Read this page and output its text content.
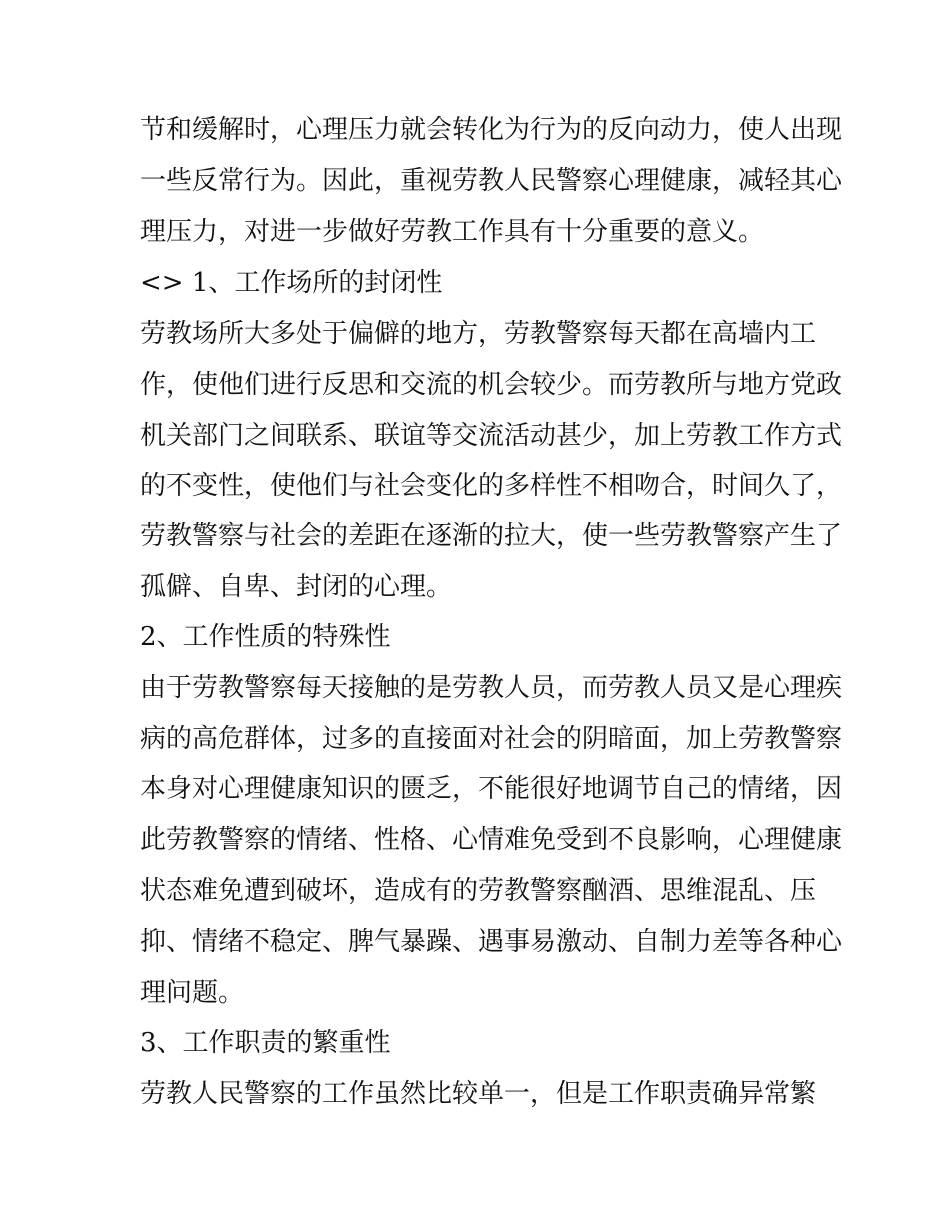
节和缓解时，心理压力就会转化为行为的反向动力，使人出现
一些反常行为。因此，重视劳教人民警察心理健康，减轻其心
理压力，对进一步做好劳教工作具有十分重要的意义。
<> 1、工作场所的封闭性
劳教场所大多处于偏僻的地方，劳教警察每天都在高墙内工
作，使他们进行反思和交流的机会较少。而劳教所与地方党政
机关部门之间联系、联谊等交流活动甚少，加上劳教工作方式
的不变性，使他们与社会变化的多样性不相吻合，时间久了，
劳教警察与社会的差距在逐渐的拉大，使一些劳教警察产生了
孤僻、自卑、封闭的心理。
2、工作性质的特殊性
由于劳教警察每天接触的是劳教人员，而劳教人员又是心理疾
病的高危群体，过多的直接面对社会的阴暗面，加上劳教警察
本身对心理健康知识的匮乏，不能很好地调节自己的情绪，因
此劳教警察的情绪、性格、心情难免受到不良影响，心理健康
状态难免遭到破坏，造成有的劳教警察酗酒、思维混乱、压
抑、情绪不稳定、脾气暴躁、遇事易激动、自制力差等各种心
理问题。
3、工作职责的繁重性
劳教人民警察的工作虽然比较单一，但是工作职责确异常繁
